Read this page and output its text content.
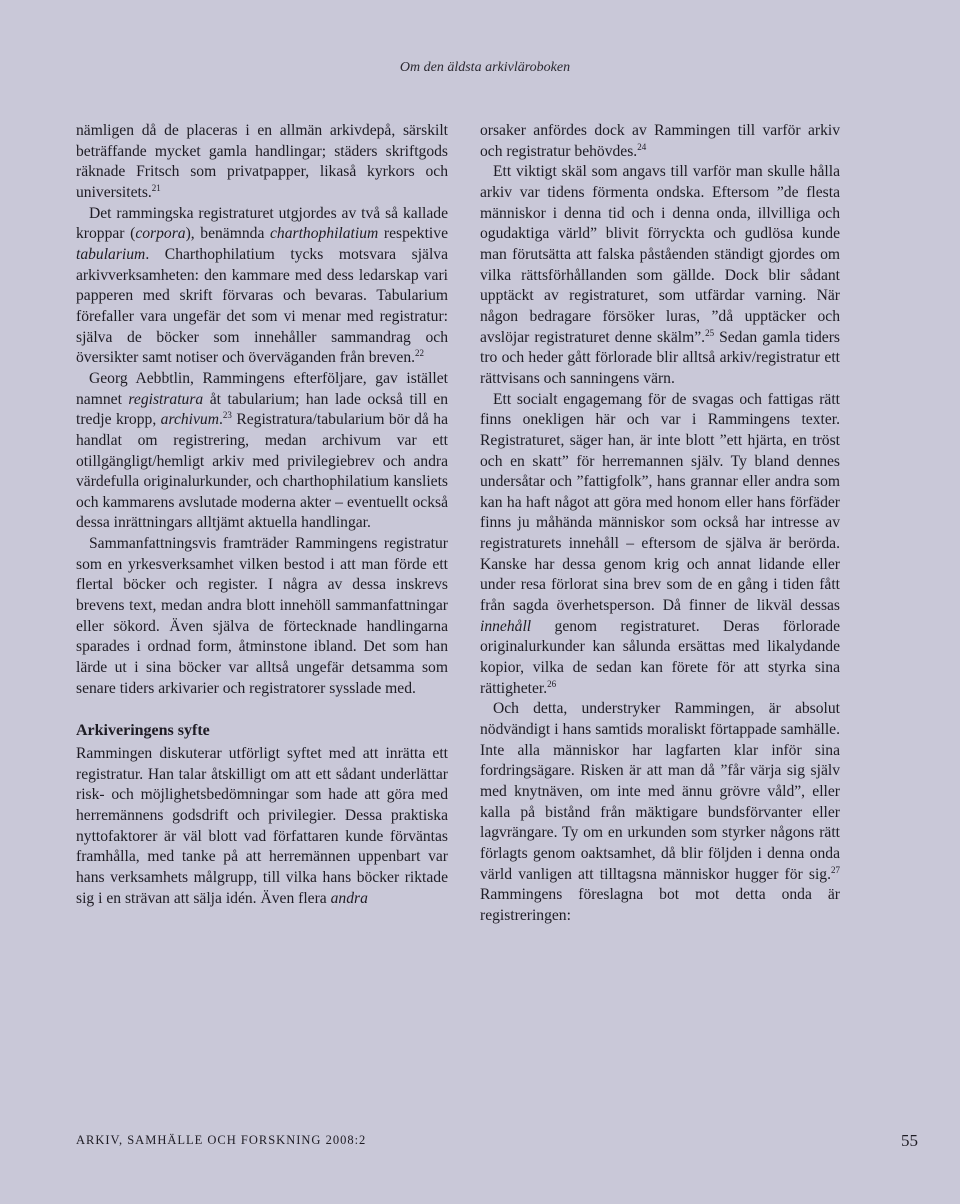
Om den äldsta arkivläroboken

nämligen då de placeras i en allmän arkivdepå, särskilt beträffande mycket gamla handlingar; städers skriftgods räknade Fritsch som privatpapper, likaså kyrkors och universitets.$^{21}$

Det rammingska registraturet utgjordes av två så kallade kroppar (corpora), benämnda charthophilatium respektive tabularium. Charthophilatium tycks motsvara själva arkivverksamheten: den kammare med dess ledarskap vari papperen med skrift förvaras och bevaras. Tabularium förefaller vara ungefär det som vi menar med registratur: själva de böcker som innehåller sammandrag och översikter samt notiser och överväganden från breven.$^{22}$

Georg Aebbtlin, Rammingens efterföljare, gav istället namnet registratura åt tabularium; han lade också till en tredje kropp, archivum.$^{23}$ Registratura/tabularium bör då ha handlat om registrering, medan archivum var ett otillgängligt/hemligt arkiv med privilegiebrev och andra värdefulla originalurkunder, och charthophilatium kansliets och kammarens avslutade moderna akter – eventuellt också dessa inrättningars alltjämt aktuella handlingar.

Sammanfattningsvis framträder Rammingens registratur som en yrkesverksamhet vilken bestod i att man förde ett flertal böcker och register. I några av dessa inskrevs brevens text, medan andra blott innehöll sammanfattningar eller sökord. Även själva de förtecknade handlingarna sparades i ordnad form, åtminstone ibland. Det som han lärde ut i sina böcker var alltså ungefär detsamma som senare tiders arkivarier och registratorer sysslade med.

Arkiveringens syfte

Rammingen diskuterar utförligt syftet med att inrätta ett registratur. Han talar åtskilligt om att ett sådant underlättar risk- och möjlighetsbedömningar som hade att göra med herremännens godsdrift och privilegier. Dessa praktiska nyttofaktorer är väl blott vad författaren kunde förväntas framhålla, med tanke på att herremännen uppenbart var hans verksamhets målgrupp, till vilka hans böcker riktade sig i en strävan att sälja idén. Även flera andra

orsaker anfördes dock av Rammingen till varför arkiv och registratur behövdes.$^{24}$

Ett viktigt skäl som angavs till varför man skulle hålla arkiv var tidens förmenta ondska. Eftersom ”de flesta människor i denna tid och i denna onda, illvilliga och ogudaktiga värld” blivit förryckta och gudlösa kunde man förutsätta att falska påståenden ständigt gjordes om vilka rättsförhållanden som gällde. Dock blir sådant upptäckt av registraturet, som utfärdar varning. När någon bedragare försöker luras, ”då upptäcker och avslöjar registraturet denne skälm”.$^{25}$ Sedan gamla tiders tro och heder gått förlorade blir alltså arkiv/registratur ett rättvisans och sanningens värn.

Ett socialt engagemang för de svagas och fattigas rätt finns onekligen här och var i Rammingens texter. Registraturet, säger han, är inte blott ”ett hjärta, en tröst och en skatt” för herremannen själv. Ty bland dennes undersåtar och ”fattigfolk”, hans grannar eller andra som kan ha haft något att göra med honom eller hans förfäder finns ju måhända människor som också har intresse av registraturets innehåll – eftersom de själva är berörda. Kanske har dessa genom krig och annat lidande eller under resa förlorat sina brev som de en gång i tiden fått från sagda överhetsperson. Då finner de likväl dessas innehåll genom registraturet. Deras förlorade originalurkunder kan sålunda ersättas med likalydande kopior, vilka de sedan kan förete för att styrka sina rättigheter.$^{26}$

Och detta, understryker Rammingen, är absolut nödvändigt i hans samtids moraliskt förtappade samhälle. Inte alla människor har lagfarten klar inför sina fordringsägare. Risken är att man då ”får värja sig själv med knytnäven, om inte med ännu grövre våld”, eller kalla på bistånd från mäktigare bundsförvanter eller lagvrängare. Ty om en urkunden som styrker någons rätt förlagts genom oaktsamhet, då blir följden i denna onda värld vanligen att tilltagsna människor hugger för sig.$^{27}$ Rammingens föreslagna bot mot detta onda är registreringen:

ARKIV, SAMHÄLLE OCH FORSKNING 2008:2	55
